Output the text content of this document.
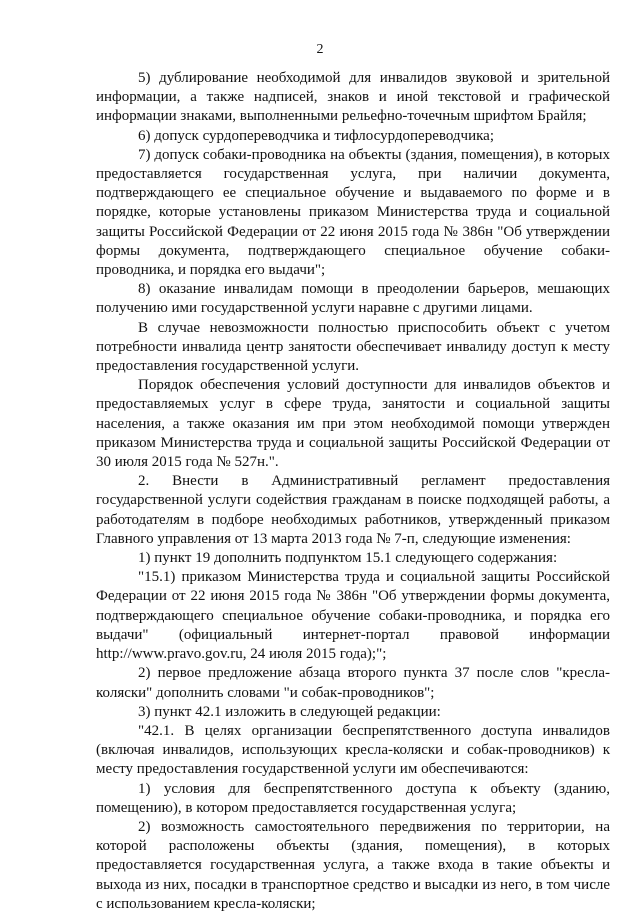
2

5) дублирование необходимой для инвалидов звуковой и зрительной информации, а также надписей, знаков и иной текстовой и графической информации знаками, выполненными рельефно-точечным шрифтом Брайля;

6) допуск сурдопереводчика и тифлосурдопереводчика;

7) допуск собаки-проводника на объекты (здания, помещения), в которых предоставляется государственная услуга, при наличии документа, подтверждающего ее специальное обучение и выдаваемого по форме и в порядке, которые установлены приказом Министерства труда и социальной защиты Российской Федерации от 22 июня 2015 года № 386н "Об утверждении формы документа, подтверждающего специальное обучение собаки-проводника, и порядка его выдачи";

8) оказание инвалидам помощи в преодолении барьеров, мешающих получению ими государственной услуги наравне с другими лицами.

В случае невозможности полностью приспособить объект с учетом потребности инвалида центр занятости обеспечивает инвалиду доступ к месту предоставления государственной услуги.

Порядок обеспечения условий доступности для инвалидов объектов и предоставляемых услуг в сфере труда, занятости и социальной защиты населения, а также оказания им при этом необходимой помощи утвержден приказом Министерства труда и социальной защиты Российской Федерации от 30 июля 2015 года № 527н.".

2. Внести в Административный регламент предоставления государственной услуги содействия гражданам в поиске подходящей работы, а работодателям в подборе необходимых работников, утвержденный приказом Главного управления от 13 марта 2013 года № 7-п, следующие изменения:

1) пункт 19 дополнить подпунктом 15.1 следующего содержания:

"15.1) приказом Министерства труда и социальной защиты Российской Федерации от 22 июня 2015 года № 386н "Об утверждении формы документа, подтверждающего специальное обучение собаки-проводника, и порядка его выдачи" (официальный интернет-портал правовой информации http://www.pravo.gov.ru, 24 июля 2015 года);";

2) первое предложение абзаца второго пункта 37 после слов "кресла-коляски" дополнить словами "и собак-проводников";

3) пункт 42.1 изложить в следующей редакции:

"42.1. В целях организации беспрепятственного доступа инвалидов (включая инвалидов, использующих кресла-коляски и собак-проводников) к месту предоставления государственной услуги им обеспечиваются:

1) условия для беспрепятственного доступа к объекту (зданию, помещению), в котором предоставляется государственная услуга;

2) возможность самостоятельного передвижения по территории, на которой расположены объекты (здания, помещения), в которых предоставляется государственная услуга, а также входа в такие объекты и выхода из них, посадки в транспортное средство и высадки из него, в том числе с использованием кресла-коляски;
